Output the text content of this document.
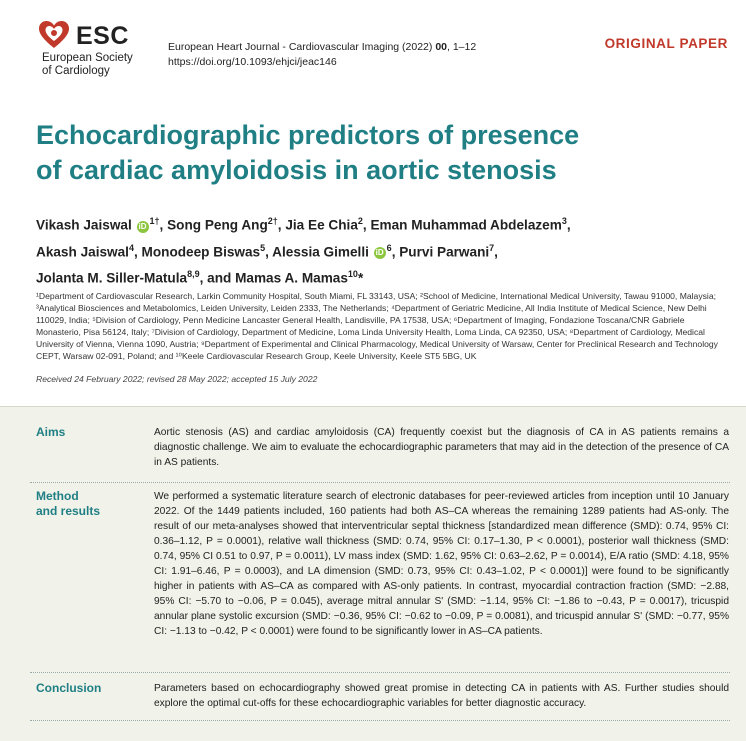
ESC
European Society
of Cardiology
European Heart Journal - Cardiovascular Imaging (2022) 00, 1–12
https://doi.org/10.1093/ehjci/jeac146
ORIGINAL PAPER
Echocardiographic predictors of presence
of cardiac amyloidosis in aortic stenosis
Vikash Jaiswal $iD^{1\dagger}$, Song Peng Ang$^{2\dagger}$, Jia Ee Chia$^2$, Eman Muhammad Abdelazem$^3$,
Akash Jaiswal$^4$, Monodeep Biswas$^5$, Alessia Gimelli $iD^6$, Purvi Parwani$^7$,
Jolanta M. Siller-Matula$^{8,9}$, and Mamas A. Mamas$^{10}$*
¹Department of Cardiovascular Research, Larkin Community Hospital, South Miami, FL 33143, USA; ²School of Medicine, International Medical University, Tawau 91000, Malaysia; ³Analytical Biosciences and Metabolomics, Leiden University, Leiden 2333, The Netherlands; ⁴Department of Geriatric Medicine, All India Institute of Medical Science, New Delhi 110029, India; ⁵Division of Cardiology, Penn Medicine Lancaster General Health, Landisville, PA 17538, USA; ⁶Department of Imaging, Fondazione Toscana/CNR Gabriele Monasterio, Pisa 56124, Italy; ⁷Division of Cardiology, Department of Medicine, Loma Linda University Health, Loma Linda, CA 92350, USA; ⁸Department of Cardiology, Medical University of Vienna, Vienna 1090, Austria; ⁹Department of Experimental and Clinical Pharmacology, Medical University of Warsaw, Center for Preclinical Research and Technology CEPT, Warsaw 02-091, Poland; and ¹⁰Keele Cardiovascular Research Group, Keele University, Keele ST5 5BG, UK
Received 24 February 2022; revised 28 May 2022; accepted 15 July 2022
Aims	Aortic stenosis (AS) and cardiac amyloidosis (CA) frequently coexist but the diagnosis of CA in AS patients remains a diagnostic challenge. We aim to evaluate the echocardiographic parameters that may aid in the detection of the presence of CA in AS patients.
Method
and results
We performed a systematic literature search of electronic databases for peer-reviewed articles from inception until 10 January 2022. Of the 1449 patients included, 160 patients had both AS–CA whereas the remaining 1289 patients had AS-only. The result of our meta-analyses showed that interventricular septal thickness [standardized mean difference (SMD): 0.74, 95% CI: 0.36–1.12, P = 0.0001), relative wall thickness (SMD: 0.74, 95% CI: 0.17–1.30, P < 0.0001), posterior wall thickness (SMD: 0.74, 95% CI 0.51 to 0.97, P = 0.0011), LV mass index (SMD: 1.62, 95% CI: 0.63–2.62, P = 0.0014), E/A ratio (SMD: 4.18, 95% CI: 1.91–6.46, P = 0.0003), and LA dimension (SMD: 0.73, 95% CI: 0.43–1.02, P < 0.0001)] were found to be significantly higher in patients with AS–CA as compared with AS-only patients. In contrast, myocardial contraction fraction (SMD: −2.88, 95% CI: −5.70 to −0.06, P = 0.045), average mitral annular S' (SMD: −1.14, 95% CI: −1.86 to −0.43, P = 0.0017), tricuspid annular plane systolic excursion (SMD: −0.36, 95% CI: −0.62 to −0.09, P = 0.0081), and tricuspid annular S' (SMD: −0.77, 95% CI: −1.13 to −0.42, P < 0.0001) were found to be significantly lower in AS–CA patients.
Conclusion	Parameters based on echocardiography showed great promise in detecting CA in patients with AS. Further studies should explore the optimal cut-offs for these echocardiographic variables for better diagnostic accuracy.
